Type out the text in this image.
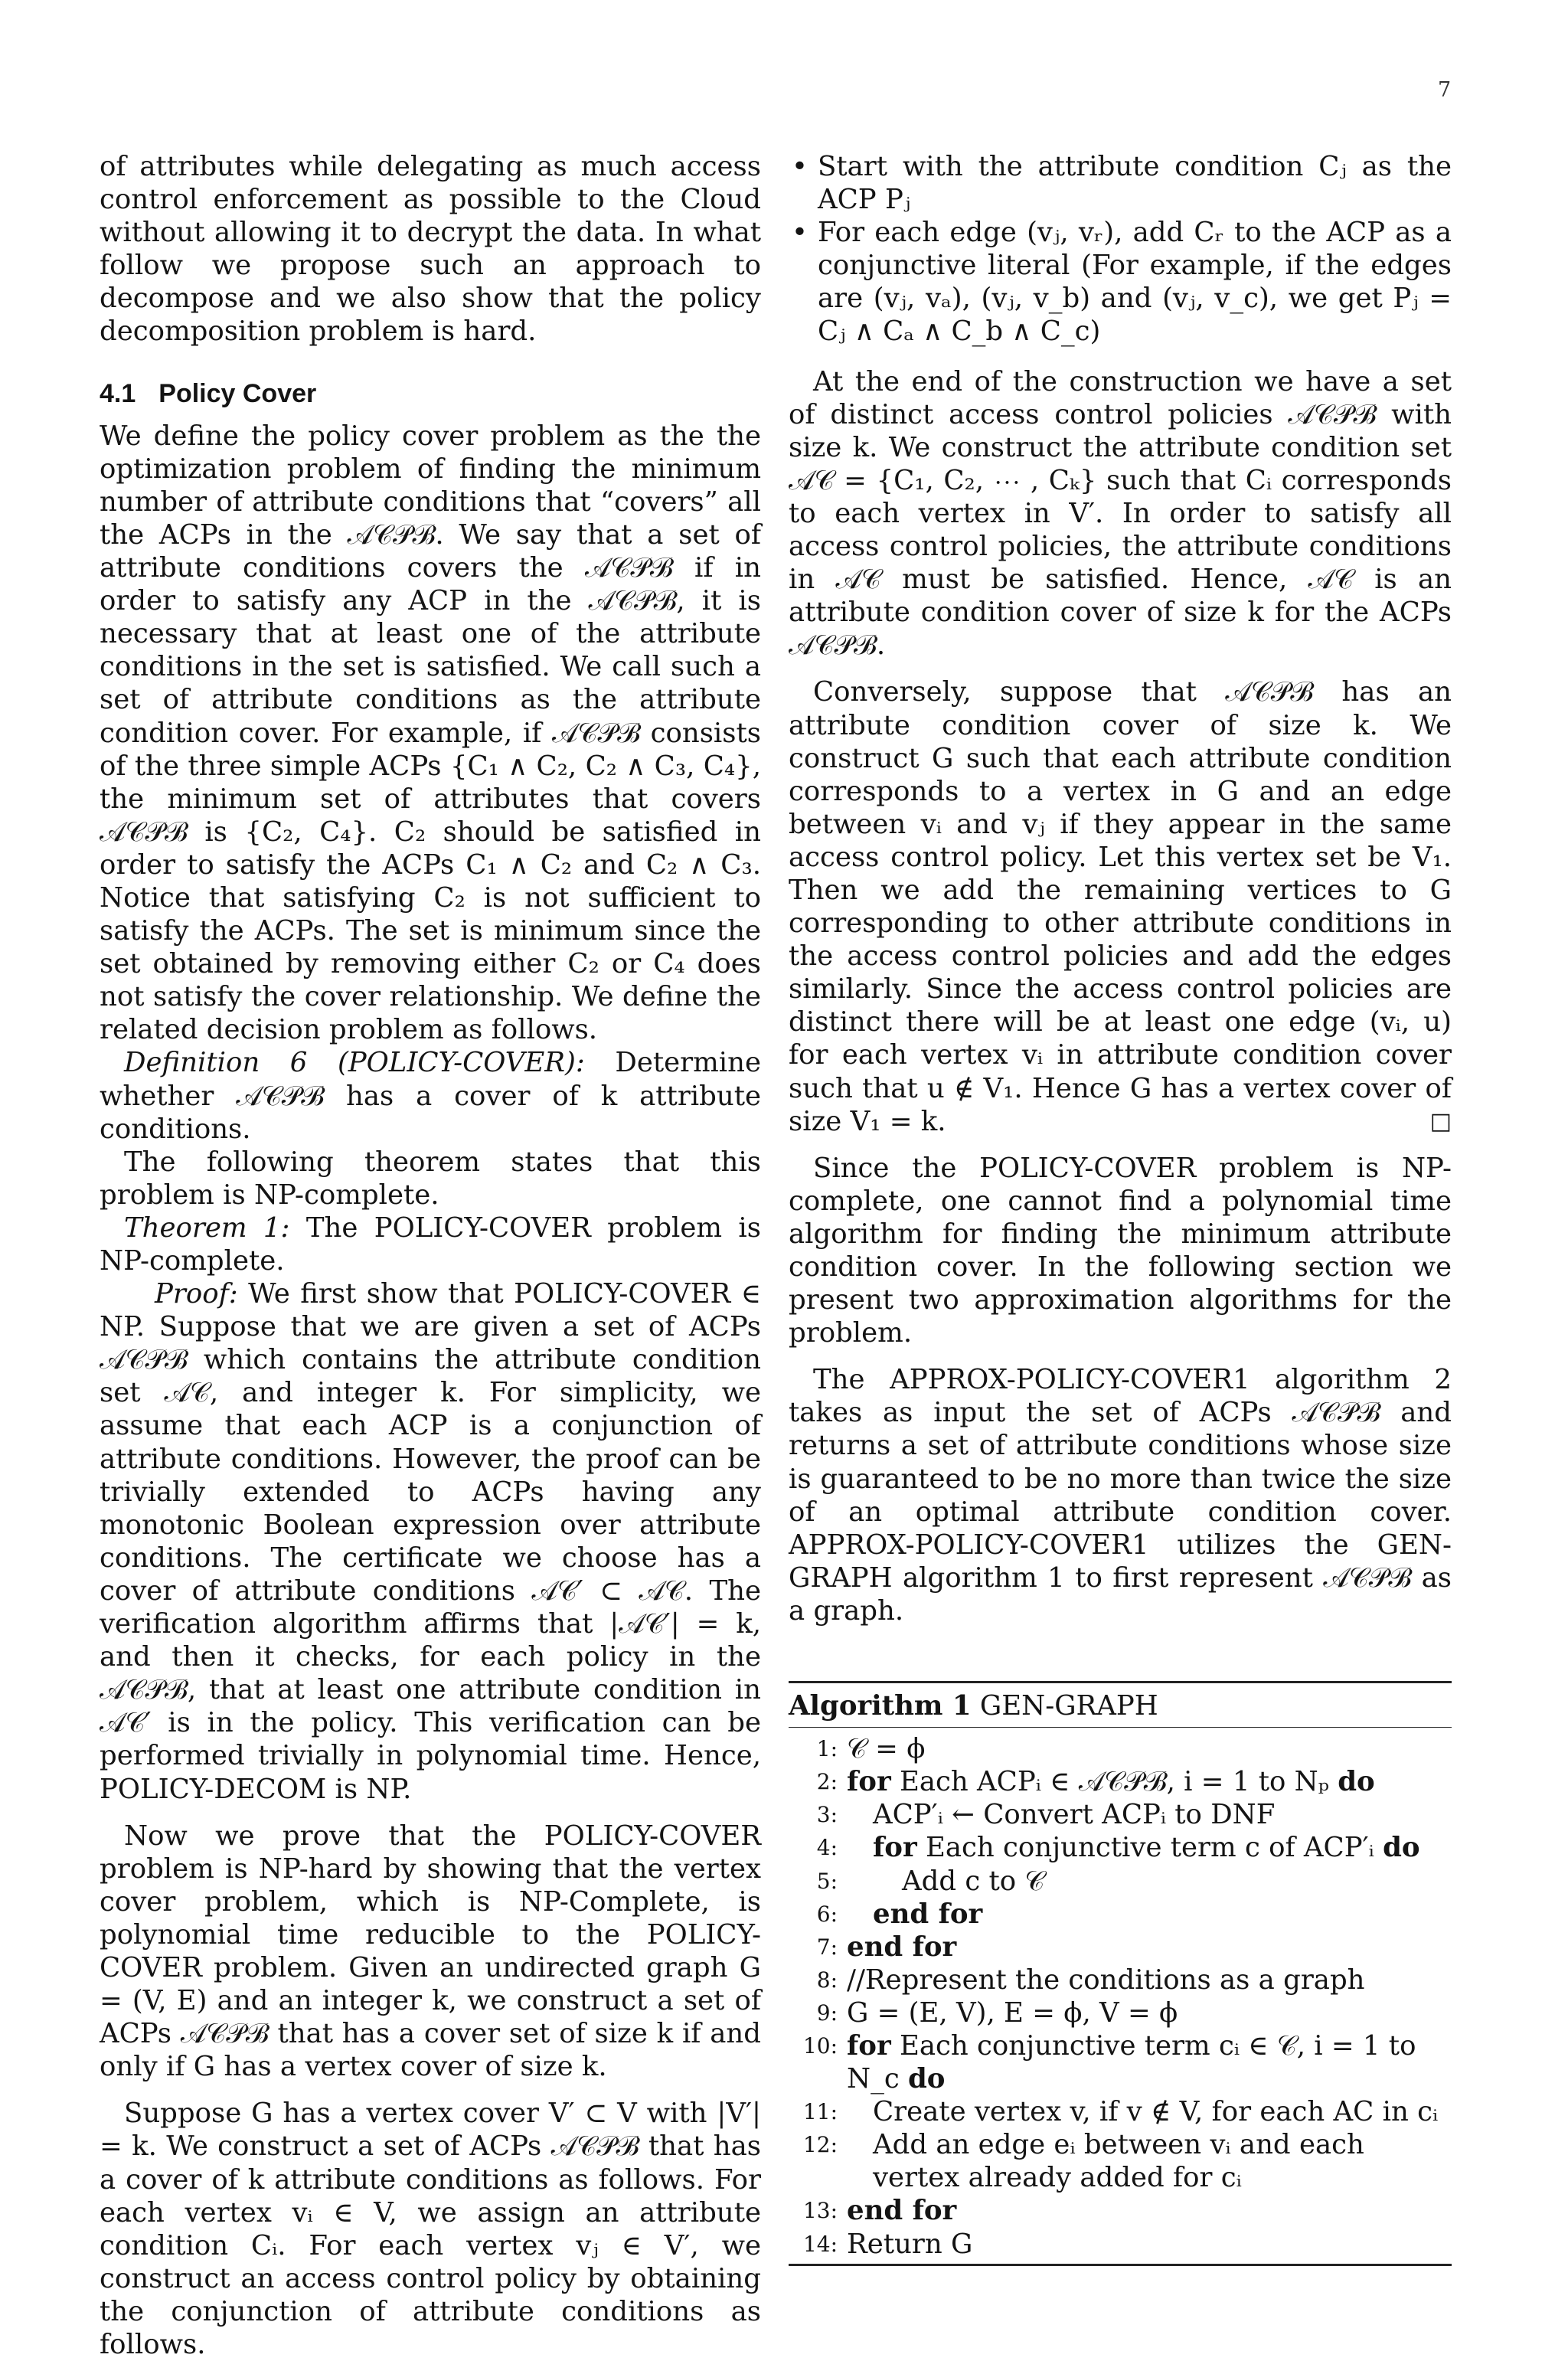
7

of attributes while delegating as much access control enforcement as possible to the Cloud without allowing it to decrypt the data. In what follow we propose such an approach to decompose and we also show that the policy decomposition problem is hard.

4.1 Policy Cover

We define the policy cover problem as the the optimization problem of finding the minimum number of attribute conditions that “covers” all the ACPs in the 𝒜𝒞𝒫ℬ. We say that a set of attribute conditions covers the 𝒜𝒞𝒫ℬ if in order to satisfy any ACP in the 𝒜𝒞𝒫ℬ, it is necessary that at least one of the attribute conditions in the set is satisfied. We call such a set of attribute conditions as the attribute condition cover. For example, if 𝒜𝒞𝒫ℬ consists of the three simple ACPs {C₁ ∧ C₂, C₂ ∧ C₃, C₄}, the minimum set of attributes that covers 𝒜𝒞𝒫ℬ is {C₂, C₄}. C₂ should be satisfied in order to satisfy the ACPs C₁ ∧ C₂ and C₂ ∧ C₃. Notice that satisfying C₂ is not sufficient to satisfy the ACPs. The set is minimum since the set obtained by removing either C₂ or C₄ does not satisfy the cover relationship. We define the related decision problem as follows.

Definition 6 (POLICY-COVER): Determine whether 𝒜𝒞𝒫ℬ has a cover of k attribute conditions.

The following theorem states that this problem is NP-complete.

Theorem 1: The POLICY-COVER problem is NP-complete.

Proof: We first show that POLICY-COVER ∈ NP. Suppose that we are given a set of ACPs 𝒜𝒞𝒫ℬ which contains the attribute condition set 𝒜𝒞, and integer k. For simplicity, we assume that each ACP is a conjunction of attribute conditions. However, the proof can be trivially extended to ACPs having any monotonic Boolean expression over attribute conditions. The certificate we choose has a cover of attribute conditions 𝒜𝒞′ ⊂ 𝒜𝒞. The verification algorithm affirms that |𝒜𝒞′| = k, and then it checks, for each policy in the 𝒜𝒞𝒫ℬ, that at least one attribute condition in 𝒜𝒞′ is in the policy. This verification can be performed trivially in polynomial time. Hence, POLICY-DECOM is NP.

Now we prove that the POLICY-COVER problem is NP-hard by showing that the vertex cover problem, which is NP-Complete, is polynomial time reducible to the POLICY-COVER problem. Given an undirected graph G = (V, E) and an integer k, we construct a set of ACPs 𝒜𝒞𝒫ℬ that has a cover set of size k if and only if G has a vertex cover of size k.

Suppose G has a vertex cover V′ ⊂ V with |V′| = k. We construct a set of ACPs 𝒜𝒞𝒫ℬ that has a cover of k attribute conditions as follows. For each vertex vᵢ ∈ V, we assign an attribute condition Cᵢ. For each vertex vⱼ ∈ V′, we construct an access control policy by obtaining the conjunction of attribute conditions as follows.

• Start with the attribute condition Cⱼ as the ACP Pⱼ
• For each edge (vⱼ, vᵣ), add Cᵣ to the ACP as a conjunctive literal (For example, if the edges are (vⱼ, vₐ), (vⱼ, v_b) and (vⱼ, v_c), we get Pⱼ = Cⱼ ∧ Cₐ ∧ C_b ∧ C_c)

At the end of the construction we have a set of distinct access control policies 𝒜𝒞𝒫ℬ with size k. We construct the attribute condition set 𝒜𝒞 = {C₁, C₂, ⋯ , Cₖ} such that Cᵢ corresponds to each vertex in V′. In order to satisfy all access control policies, the attribute conditions in 𝒜𝒞 must be satisfied. Hence, 𝒜𝒞 is an attribute condition cover of size k for the ACPs 𝒜𝒞𝒫ℬ.

Conversely, suppose that 𝒜𝒞𝒫ℬ has an attribute condition cover of size k. We construct G such that each attribute condition corresponds to a vertex in G and an edge between vᵢ and vⱼ if they appear in the same access control policy. Let this vertex set be V₁. Then we add the remaining vertices to G corresponding to other attribute conditions in the access control policies and add the edges similarly. Since the access control policies are distinct there will be at least one edge (vᵢ, u) for each vertex vᵢ in attribute condition cover such that u ∉ V₁. Hence G has a vertex cover of size V₁ = k.	□

Since the POLICY-COVER problem is NP-complete, one cannot find a polynomial time algorithm for finding the minimum attribute condition cover. In the following section we present two approximation algorithms for the problem.

The APPROX-POLICY-COVER1 algorithm 2 takes as input the set of ACPs 𝒜𝒞𝒫ℬ and returns a set of attribute conditions whose size is guaranteed to be no more than twice the size of an optimal attribute condition cover. APPROX-POLICY-COVER1 utilizes the GEN-GRAPH algorithm 1 to first represent 𝒜𝒞𝒫ℬ as a graph.

Algorithm 1 GEN-GRAPH
1: 𝒞 = ϕ
2: for Each ACPᵢ ∈ 𝒜𝒞𝒫ℬ, i = 1 to Nₚ do
3:	ACP′ᵢ ← Convert ACPᵢ to DNF
4:	for Each conjunctive term c of ACP′ᵢ do
5:	Add c to 𝒞
6:	end for
7: end for
8: //Represent the conditions as a graph
9: G = (E, V), E = ϕ, V = ϕ
10: for Each conjunctive term cᵢ ∈ 𝒞, i = 1 to N_c do
11:	Create vertex v, if v ∉ V, for each AC in cᵢ
12:	Add an edge eᵢ between vᵢ and each vertex already added for cᵢ
13: end for
14: Return G
